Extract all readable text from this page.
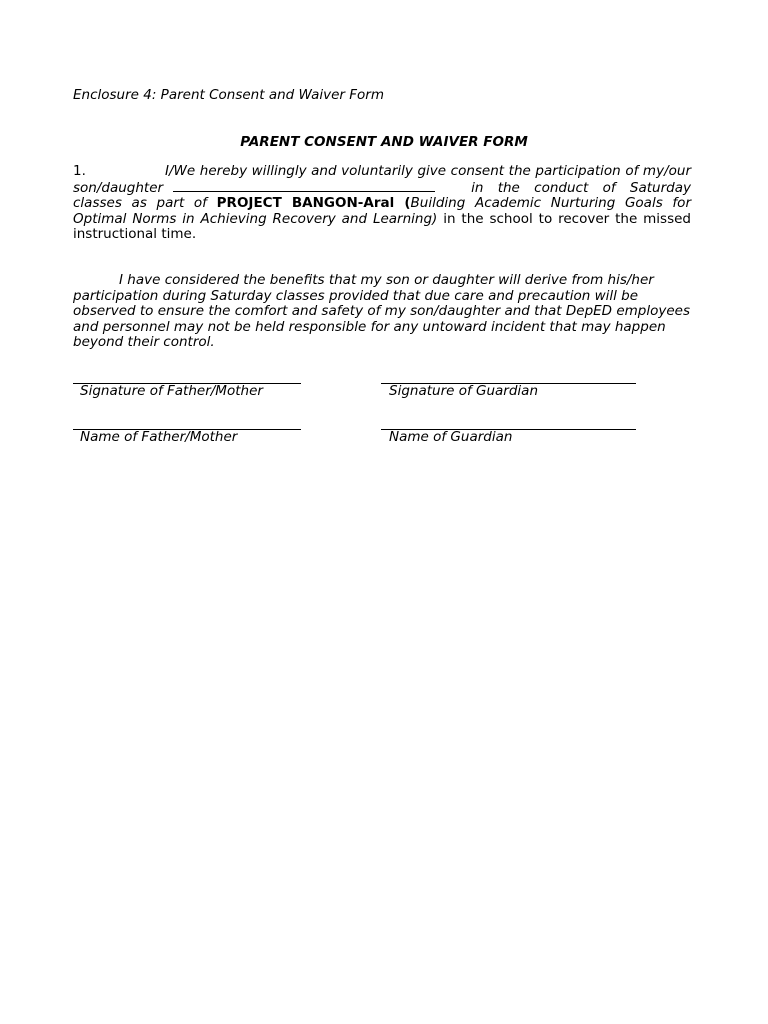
Enclosure 4: Parent Consent and Waiver Form
PARENT CONSENT AND WAIVER FORM
1.	I/We hereby willingly and voluntarily give consent the participation of my/our son/daughter	in the conduct of Saturday classes as part of PROJECT BANGON-Aral (Building Academic Nurturing Goals for Optimal Norms in Achieving Recovery and Learning) in the school to recover the missed instructional time.
I have considered the benefits that my son or daughter will derive from his/her participation during Saturday classes provided that due care and precaution will be observed to ensure the comfort and safety of my son/daughter and that DepED employees and personnel may not be held responsible for any untoward incident that may happen beyond their control.
Signature of Father/Mother	Signature of Guardian
Name of Father/Mother	Name of Guardian
